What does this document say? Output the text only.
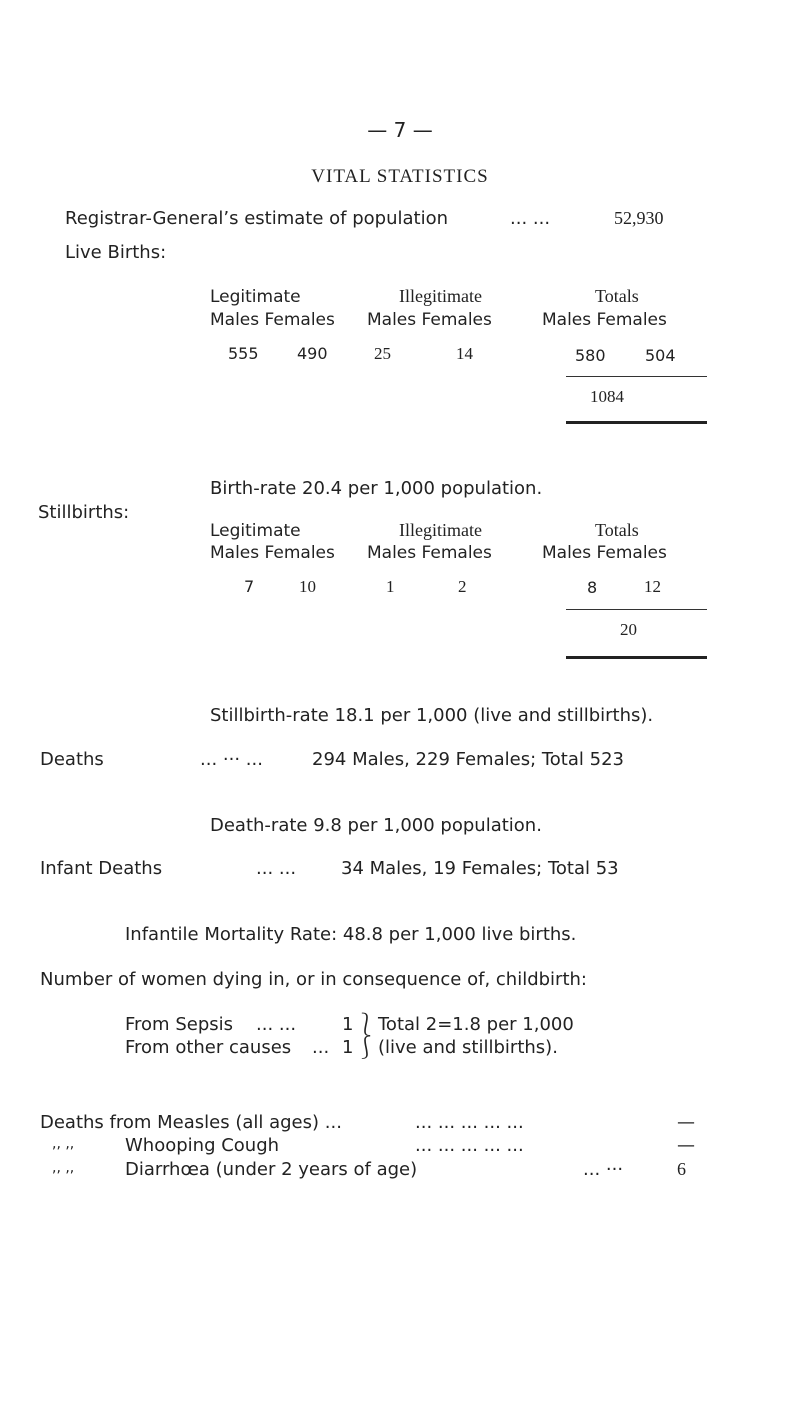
— 7 —
VITAL STATISTICS
Registrar-General’s estimate of population	... ...	52,930
Live Births:
Legitimate	Illegitimate	Totals
Males Females Males Females	Males Females
555 490	25	14	580 504
1084
Birth-rate 20.4 per 1,000 population.
Stillbirths:
Legitimate	Illegitimate	Totals
Males Females Males Females	Males Females
7	10	1	2	8	12
20
Stillbirth-rate 18.1 per 1,000 (live and stillbirths).
Deaths	... ··· ...	294 Males, 229 Females; Total 523
Death-rate 9.8 per 1,000 population.
Infant Deaths	... ... 34 Males, 19 Females; Total 53
Infantile Mortality Rate: 48.8 per 1,000 live births.
Number of women dying in, or in consequence of, childbirth:
From Sepsis ... ...	1
From other causes ... 1
⎱
⎰
Total 2=1.8 per 1,000
(live and stillbirths).
Deaths from Measles (all ages) ...	... ... ... ... ...	—
,, ,,	Whooping Cough	... ... ... ... ...	—
,, ,,	Diarrhœa (under 2 years of age)	... ···	6
